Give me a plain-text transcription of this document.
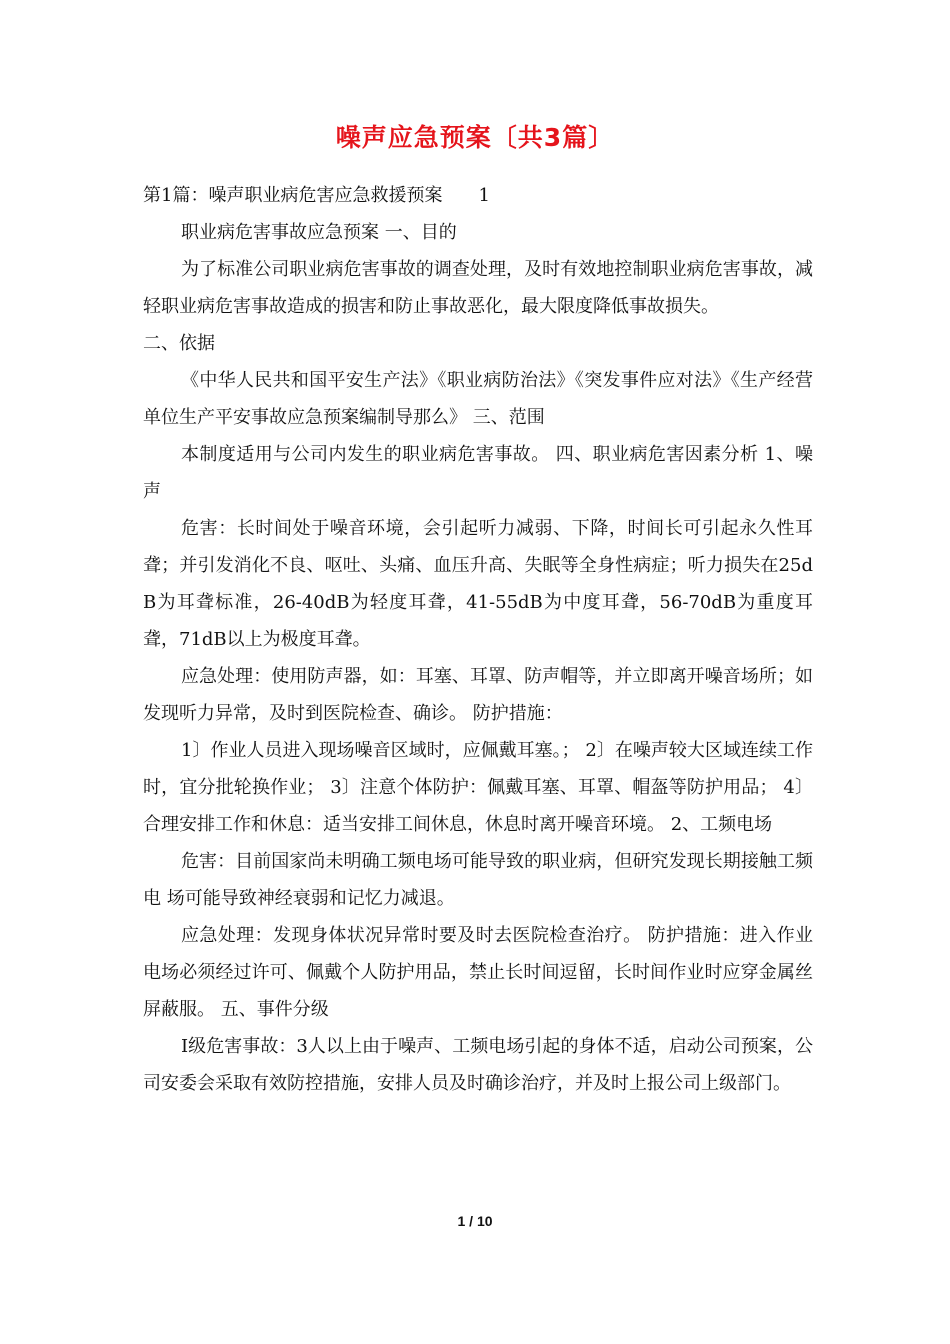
噪声应急预案〔共3篇〕

第1篇：噪声职业病危害应急救援预案　　1

职业病危害事故应急预案 一、目的

为了标准公司职业病危害事故的调查处理，及时有效地控制职业病危害事故，减轻职业病危害事故造成的损害和防止事故恶化，最大限度降低事故损失。

二、依据

《中华人民共和国平安生产法》《职业病防治法》《突发事件应对法》《生产经营单位生产平安事故应急预案编制导那么》 三、范围

本制度适用与公司内发生的职业病危害事故。 四、职业病危害因素分析 1、噪声

危害：长时间处于噪音环境，会引起听力减弱、下降，时间长可引起永久性耳聋；并引发消化不良、呕吐、头痛、血压升高、失眠等全身性病症；听力损失在25dB为耳聋标准，26-40dB为轻度耳聋，41-55dB为中度耳聋，56-70dB为重度耳聋，71dB以上为极度耳聋。

应急处理：使用防声器，如：耳塞、耳罩、防声帽等，并立即离开噪音场所；如发现听力异常，及时到医院检查、确诊。 防护措施：

1〕作业人员进入现场噪音区域时，应佩戴耳塞。； 2〕在噪声较大区域连续工作时，宜分批轮换作业； 3〕注意个体防护：佩戴耳塞、耳罩、帽盔等防护用品； 4〕合理安排工作和休息：适当安排工间休息，休息时离开噪音环境。 2、工频电场

危害：目前国家尚未明确工频电场可能导致的职业病，但研究发现长期接触工频电 场可能导致神经衰弱和记忆力减退。

应急处理：发现身体状况异常时要及时去医院检查治疗。 防护措施：进入作业电场必须经过许可、佩戴个人防护用品，禁止长时间逗留，长时间作业时应穿金属丝屏蔽服。 五、事件分级

Ⅰ级危害事故：3人以上由于噪声、工频电场引起的身体不适，启动公司预案，公司安委会采取有效防控措施，安排人员及时确诊治疗，并及时上报公司上级部门。

1 / 10
